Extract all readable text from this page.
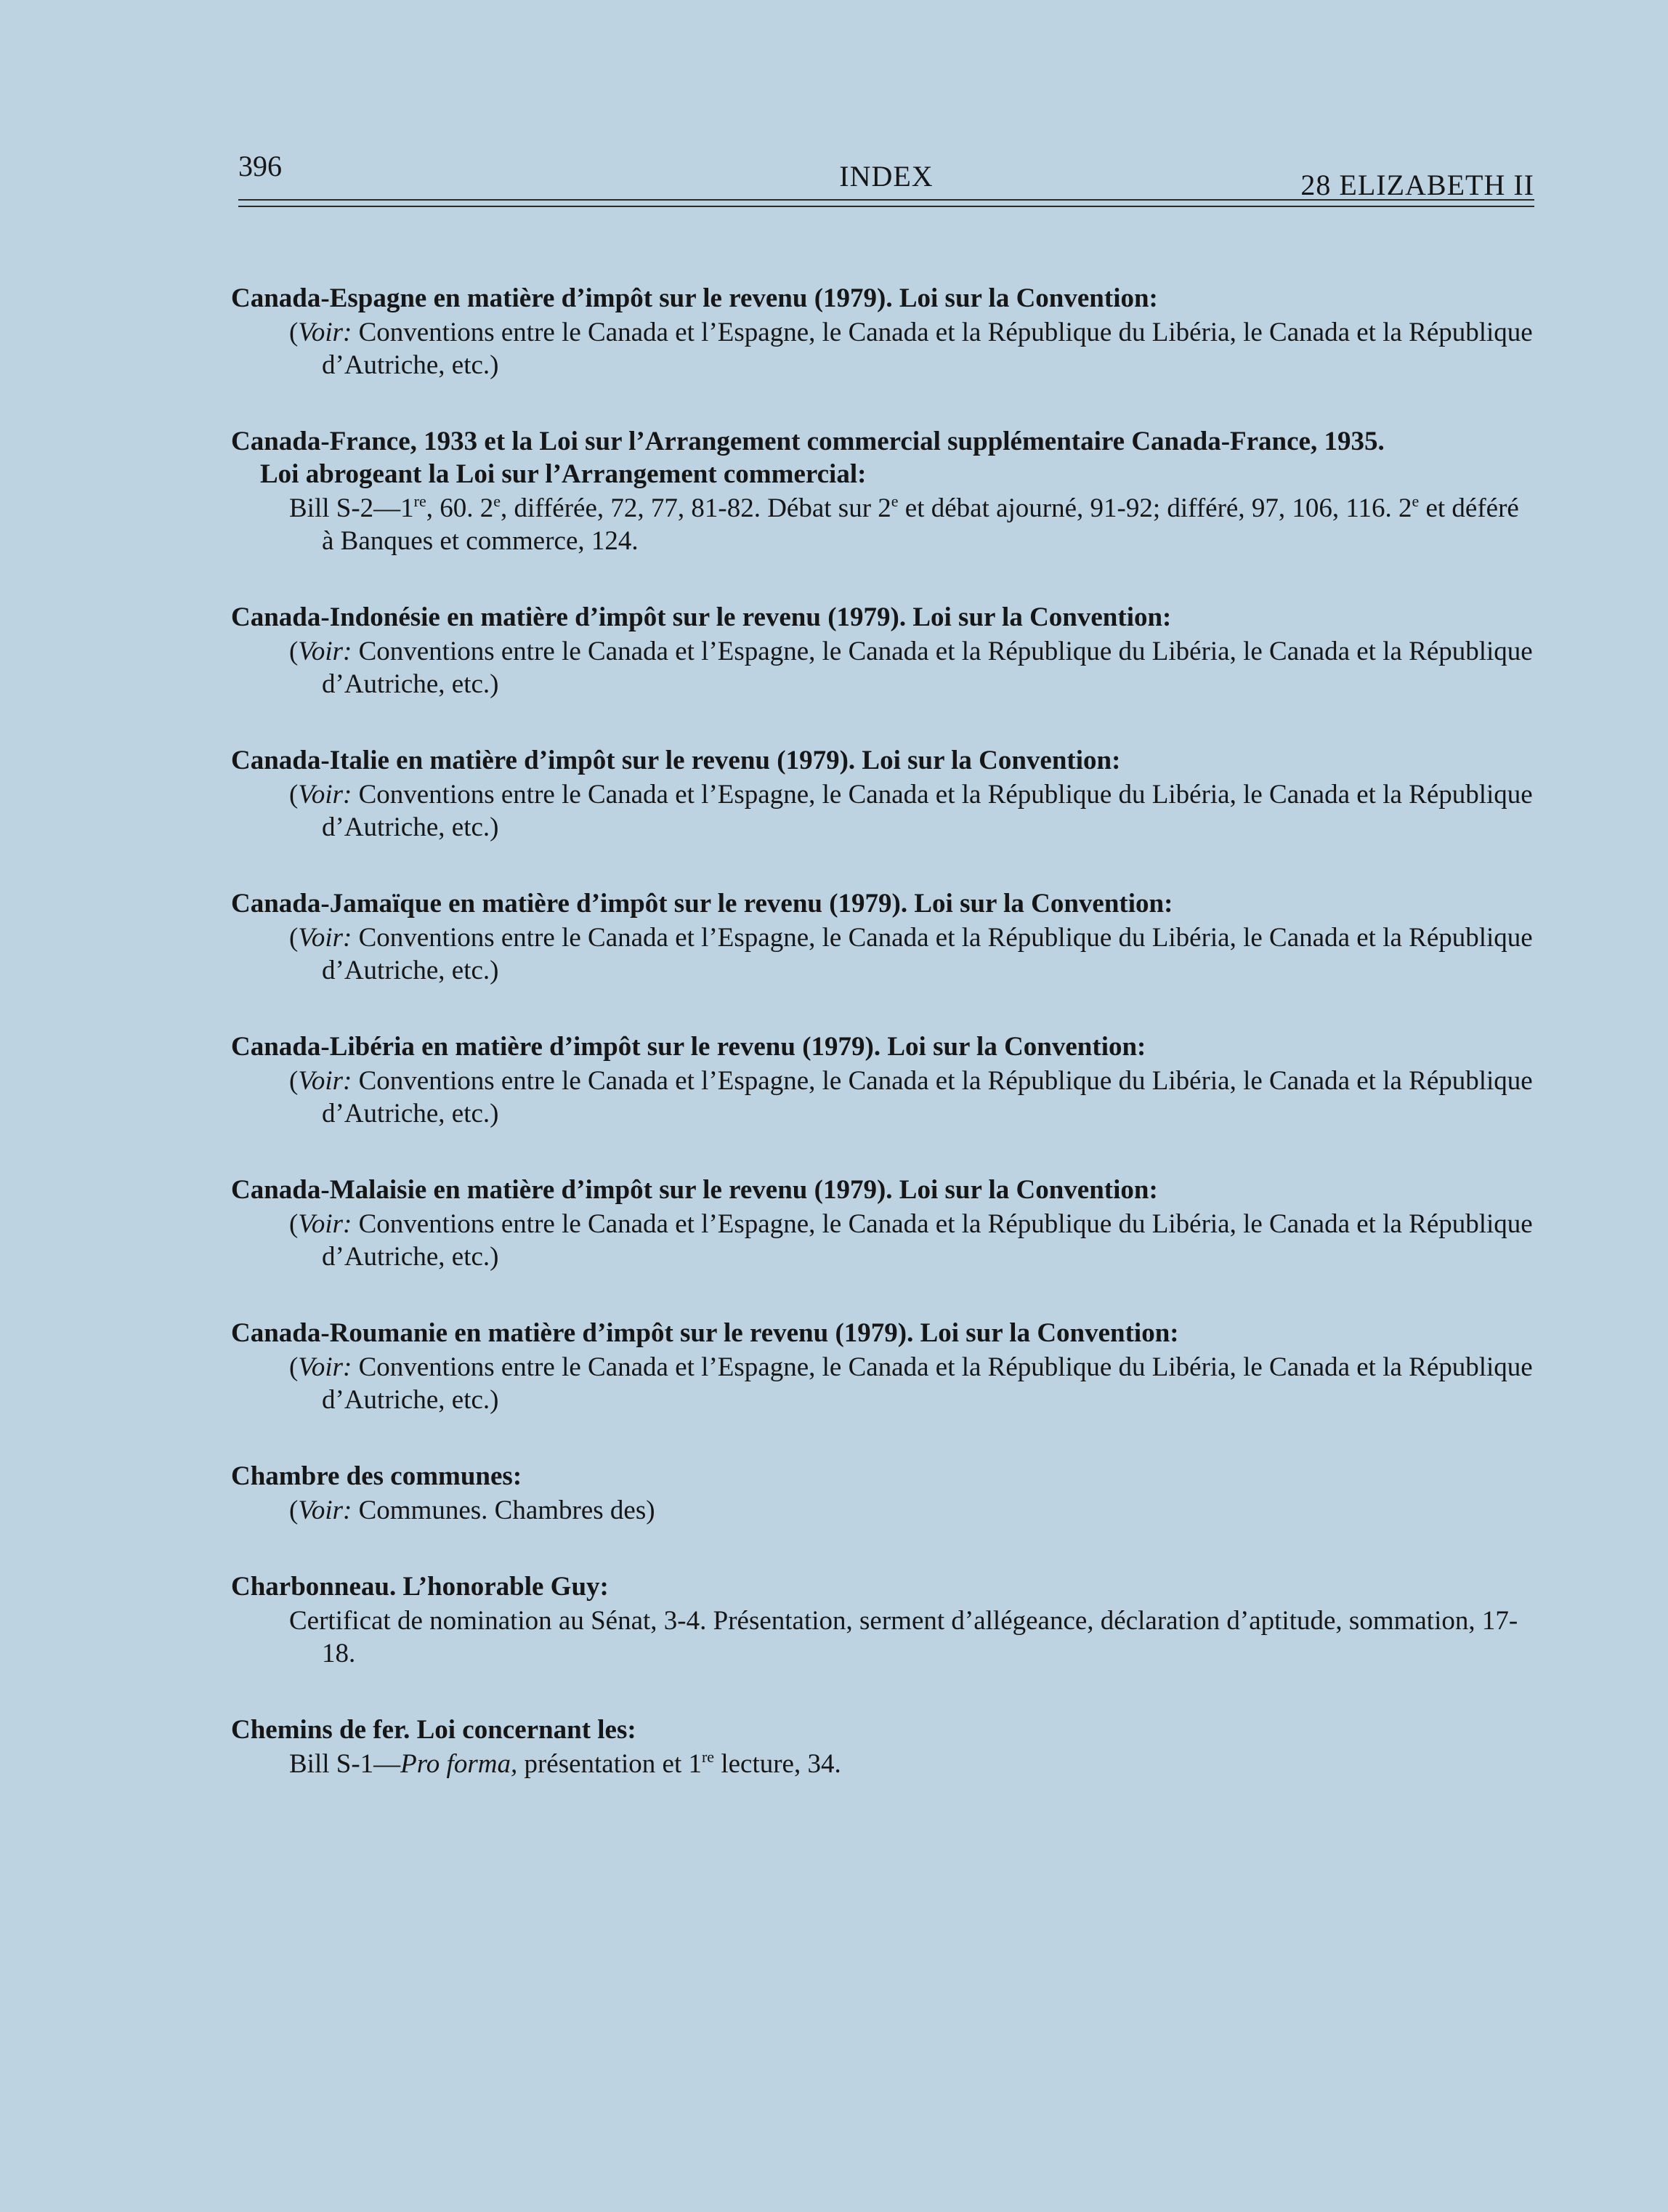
396	INDEX	28 ELIZABETH II
Canada-Espagne en matière d’impôt sur le revenu (1979). Loi sur la Convention:
(Voir: Conventions entre le Canada et l’Espagne, le Canada et la République du Libéria, le Canada et la République d’Autriche, etc.)
Canada-France, 1933 et la Loi sur l’Arrangement commercial supplémentaire Canada-France, 1935.
Loi abrogeant la Loi sur l’Arrangement commercial:
Bill S-2—1re, 60. 2e, différée, 72, 77, 81-82. Débat sur 2e et débat ajourné, 91-92; différé, 97, 106, 116. 2e et déféré à Banques et commerce, 124.
Canada-Indonésie en matière d’impôt sur le revenu (1979). Loi sur la Convention:
(Voir: Conventions entre le Canada et l’Espagne, le Canada et la République du Libéria, le Canada et la République d’Autriche, etc.)
Canada-Italie en matière d’impôt sur le revenu (1979). Loi sur la Convention:
(Voir: Conventions entre le Canada et l’Espagne, le Canada et la République du Libéria, le Canada et la République d’Autriche, etc.)
Canada-Jamaïque en matière d’impôt sur le revenu (1979). Loi sur la Convention:
(Voir: Conventions entre le Canada et l’Espagne, le Canada et la République du Libéria, le Canada et la République d’Autriche, etc.)
Canada-Libéria en matière d’impôt sur le revenu (1979). Loi sur la Convention:
(Voir: Conventions entre le Canada et l’Espagne, le Canada et la République du Libéria, le Canada et la République d’Autriche, etc.)
Canada-Malaisie en matière d’impôt sur le revenu (1979). Loi sur la Convention:
(Voir: Conventions entre le Canada et l’Espagne, le Canada et la République du Libéria, le Canada et la République d’Autriche, etc.)
Canada-Roumanie en matière d’impôt sur le revenu (1979). Loi sur la Convention:
(Voir: Conventions entre le Canada et l’Espagne, le Canada et la République du Libéria, le Canada et la République d’Autriche, etc.)
Chambre des communes:
(Voir: Communes. Chambres des)
Charbonneau. L’honorable Guy:
Certificat de nomination au Sénat, 3-4. Présentation, serment d’allégeance, déclaration d’aptitude, sommation, 17-18.
Chemins de fer. Loi concernant les:
Bill S-1—Pro forma, présentation et 1re lecture, 34.
